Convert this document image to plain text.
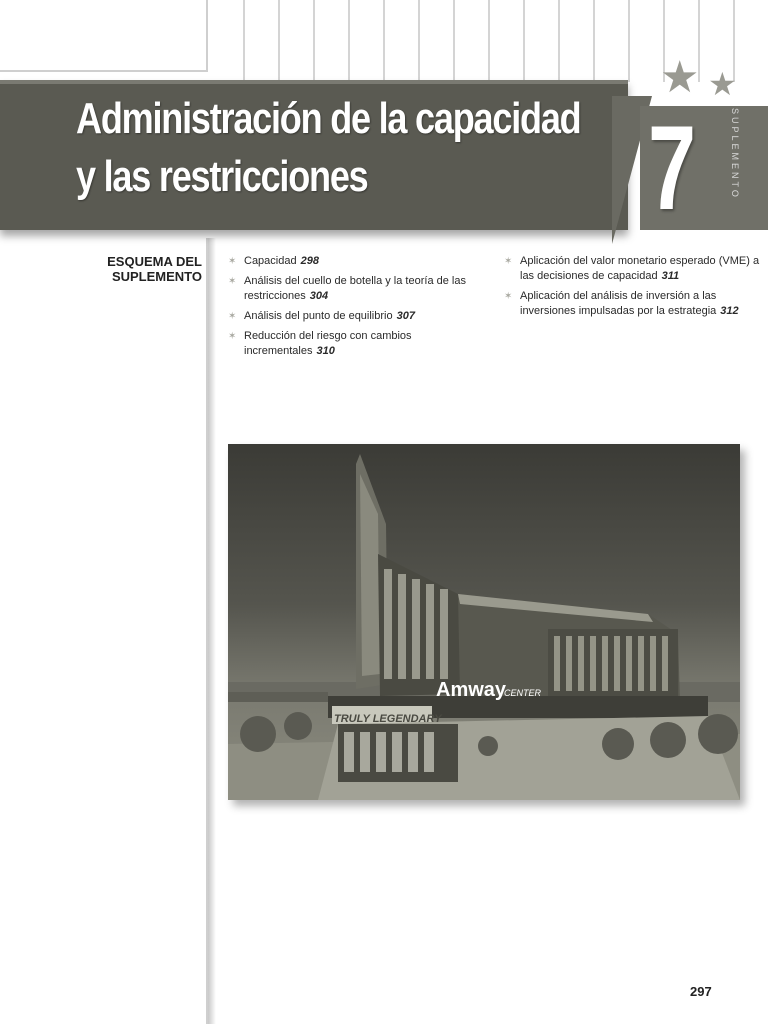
★ ★
Administración de la capacidad
y las restricciones	7	SUPLEMENTO
ESQUEMA DEL
SUPLEMENTO
✶ Capacidad 298
✶ Análisis del cuello de botella y la teoría de las restricciones 304
✶ Análisis del punto de equilibrio 307
✶ Reducción del riesgo con cambios incrementales 310
✶ Aplicación del valor monetario esperado (VME) a las decisiones de capacidad 311
✶ Aplicación del análisis de inversión a las inversiones impulsadas por la estrategia 312
Amway
CENTER
TRULY LEGENDARY
297
